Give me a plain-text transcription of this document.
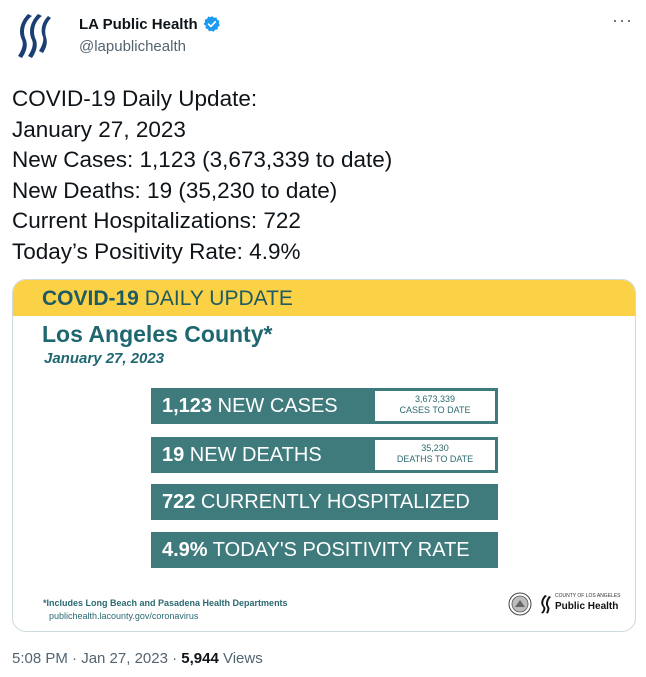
LA Public Health
@lapublichealth
···
COVID-19 Daily Update:
January 27, 2023
New Cases: 1,123 (3,673,339 to date)
New Deaths: 19 (35,230 to date)
Current Hospitalizations: 722
Today’s Positivity Rate: 4.9%
COVID-19 DAILY UPDATE
Los Angeles County*
January 27, 2023
1,123 NEW CASES	3,673,339
CASES TO DATE
19 NEW DEATHS	35,230
DEATHS TO DATE
722 CURRENTLY HOSPITALIZED
4.9% TODAY'S POSITIVITY RATE
*Includes Long Beach and Pasadena Health Departments
publichealth.lacounty.gov/coronavirus
COUNTY OF LOS ANGELES
Public Health
5:08 PM · Jan 27, 2023 · 5,944 Views
